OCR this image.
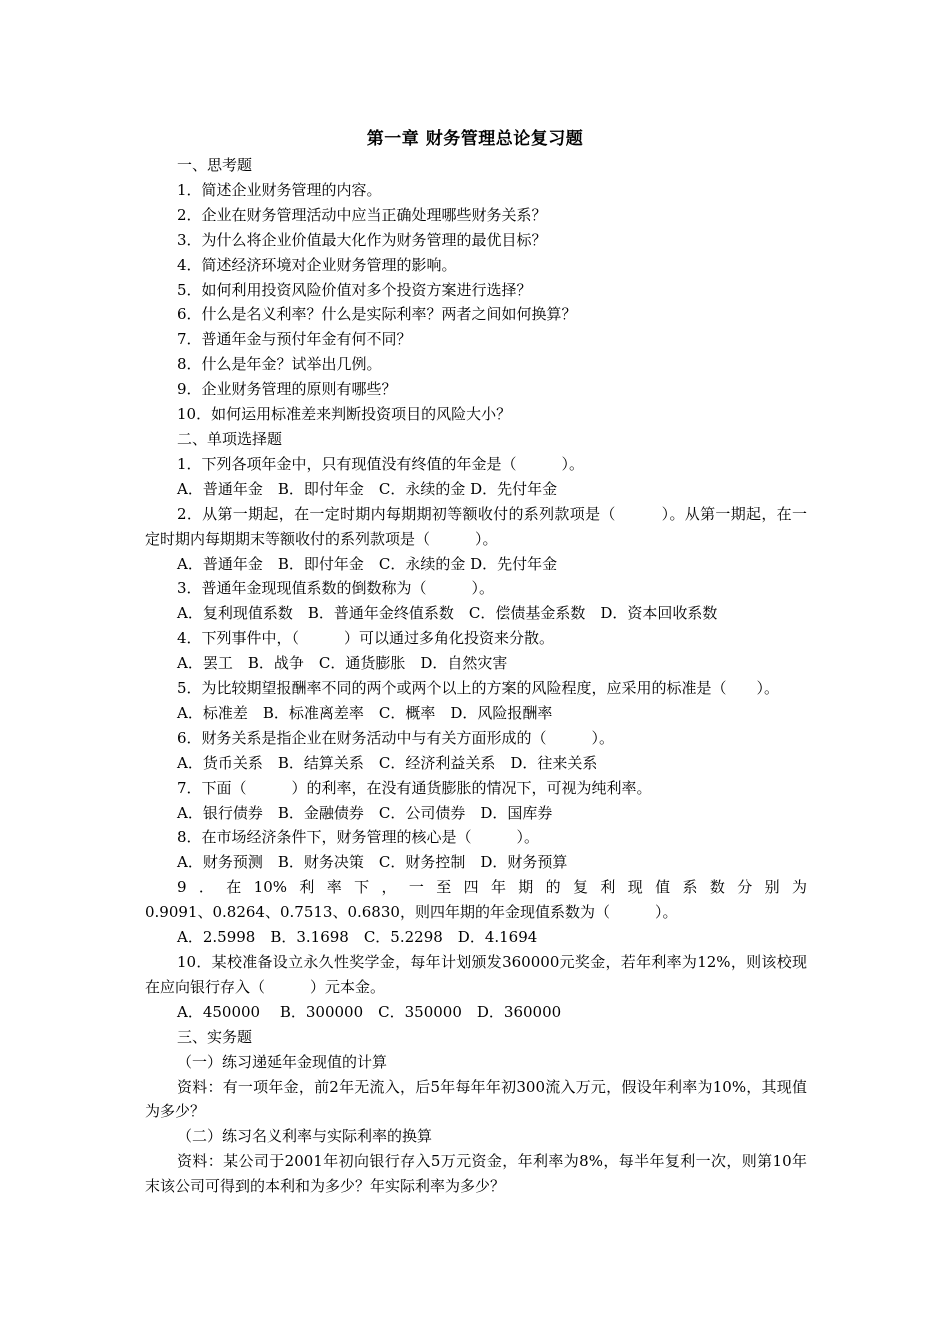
第一章 财务管理总论复习题

一、思考题

1．简述企业财务管理的内容。

2．企业在财务管理活动中应当正确处理哪些财务关系？

3．为什么将企业价值最大化作为财务管理的最优目标？

4．简述经济环境对企业财务管理的影响。

5．如何利用投资风险价值对多个投资方案进行选择？

6．什么是名义利率？什么是实际利率？两者之间如何换算？

7．普通年金与预付年金有何不同？

8．什么是年金？试举出几例。

9．企业财务管理的原则有哪些？

10．如何运用标准差来判断投资项目的风险大小？

二、单项选择题

1．下列各项年金中，只有现值没有终值的年金是（　　　）。

A．普通年金　B．即付年金　C．永续的金 D．先付年金

2．从第一期起，在一定时期内每期期初等额收付的系列款项是（　　　）。从第一期起，在一定时期内每期期末等额收付的系列款项是（　　　）。

A．普通年金　B．即付年金　C．永续的金 D．先付年金

3．普通年金现现值系数的倒数称为（　　　）。

A．复利现值系数　B．普通年金终值系数　C．偿债基金系数　D．资本回收系数

4．下列事件中，（　　　）可以通过多角化投资来分散。

A．罢工　B．战争　C．通货膨胀　D．自然灾害

5．为比较期望报酬率不同的两个或两个以上的方案的风险程度，应采用的标准是（　　）。

A．标准差　B．标准离差率　C．概率　D．风险报酬率

6．财务关系是指企业在财务活动中与有关方面形成的（　　　）。

A．货币关系　B．结算关系　C．经济利益关系　D．往来关系

7．下面（　　　）的利率，在没有通货膨胀的情况下，可视为纯利率。

A．银行债券　B．金融债券　C．公司债券　D．国库券

8．在市场经济条件下，财务管理的核心是（　　　）。

A．财务预测　B．财务决策　C．财务控制　D．财务预算

9．在10%利率下，一至四年期的复利现值系数分别为

0.9091、0.8264、0.7513、0.6830，则四年期的年金现值系数为（　　　）。

A．2.5998　B．3.1698　C．5.2298　D．4.1694

10．某校准备设立永久性奖学金，每年计划颁发360000元奖金，若年利率为12%，则该校现在应向银行存入（　　　）元本金。

A．450000　 B．300000　C．350000　D．360000

三、实务题

（一）练习递延年金现值的计算

资料：有一项年金，前2年无流入，后5年每年年初300流入万元，假设年利率为10%，其现值为多少？

（二）练习名义利率与实际利率的换算

资料：某公司于2001年初向银行存入5万元资金，年利率为8%，每半年复利一次，则第10年末该公司可得到的本利和为多少？年实际利率为多少？
